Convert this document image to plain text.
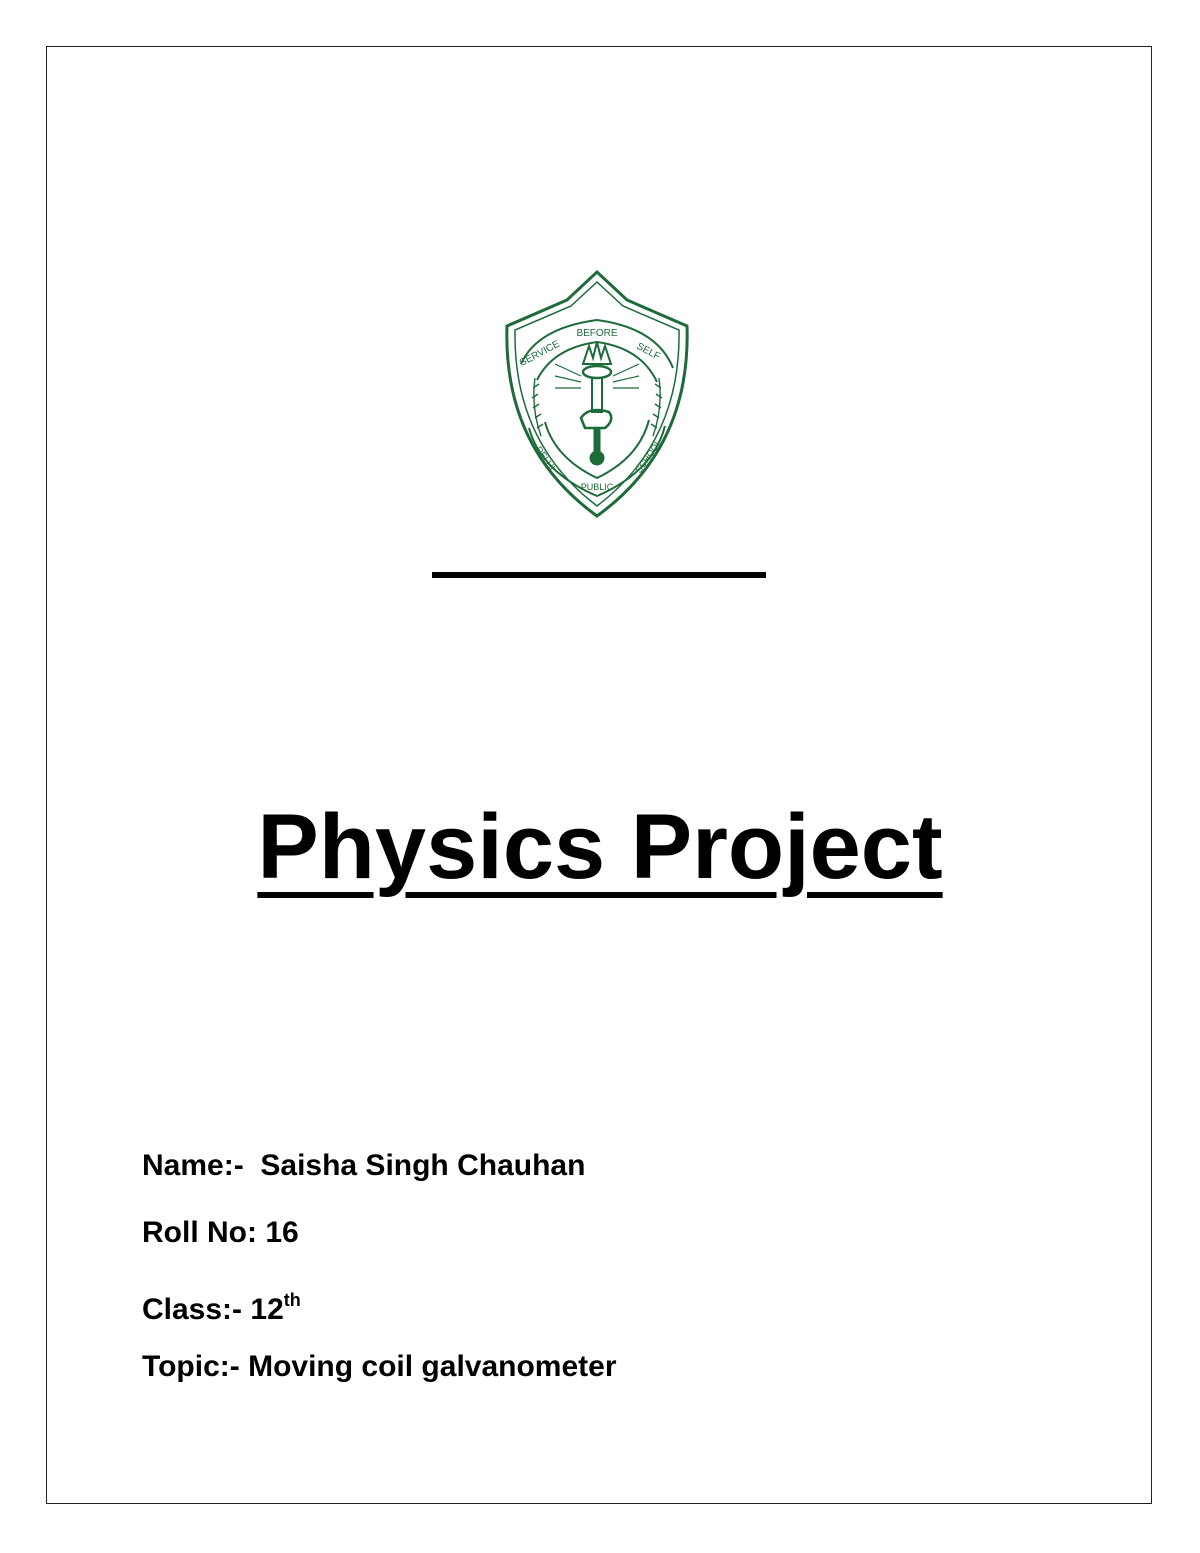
BEFORE
SERVICE	SELF
DELHI
PUBLIC
SCHOOL
Physics Project
Name:- Saisha Singh Chauhan
Roll No: 16
Class:- 12th
Topic:- Moving coil galvanometer
